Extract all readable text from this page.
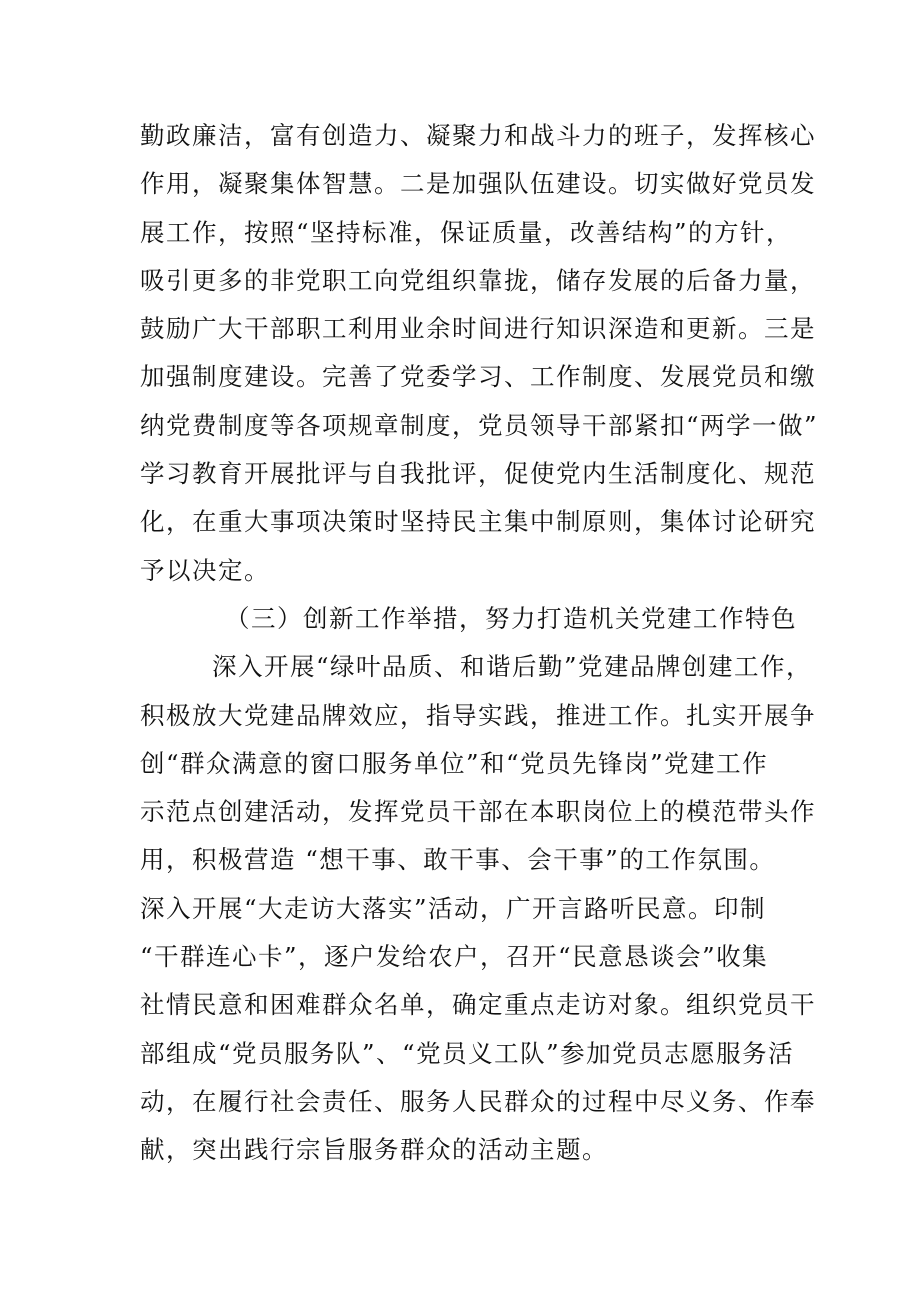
勤政廉洁，富有创造力、凝聚力和战斗力的班子，发挥核心
作用，凝聚集体智慧。二是加强队伍建设。切实做好党员发
展工作，按照“坚持标准，保证质量，改善结构”的方针，
吸引更多的非党职工向党组织靠拢，储存发展的后备力量，
鼓励广大干部职工利用业余时间进行知识深造和更新。三是
加强制度建设。完善了党委学习、工作制度、发展党员和缴
纳党费制度等各项规章制度，党员领导干部紧扣“两学一做”
学习教育开展批评与自我批评，促使党内生活制度化、规范
化，在重大事项决策时坚持民主集中制原则，集体讨论研究
予以决定。
（三）创新工作举措，努力打造机关党建工作特色
深入开展“绿叶品质、和谐后勤”党建品牌创建工作，
积极放大党建品牌效应，指导实践，推进工作。扎实开展争
创“群众满意的窗口服务单位”和“党员先锋岗”党建工作
示范点创建活动，发挥党员干部在本职岗位上的模范带头作
用，积极营造 “想干事、敢干事、会干事”的工作氛围。
深入开展“大走访大落实”活动，广开言路听民意。印制
“干群连心卡”，逐户发给农户，召开“民意恳谈会”收集
社情民意和困难群众名单，确定重点走访对象。组织党员干
部组成“党员服务队”、“党员义工队”参加党员志愿服务活
动，在履行社会责任、服务人民群众的过程中尽义务、作奉
献，突出践行宗旨服务群众的活动主题。
